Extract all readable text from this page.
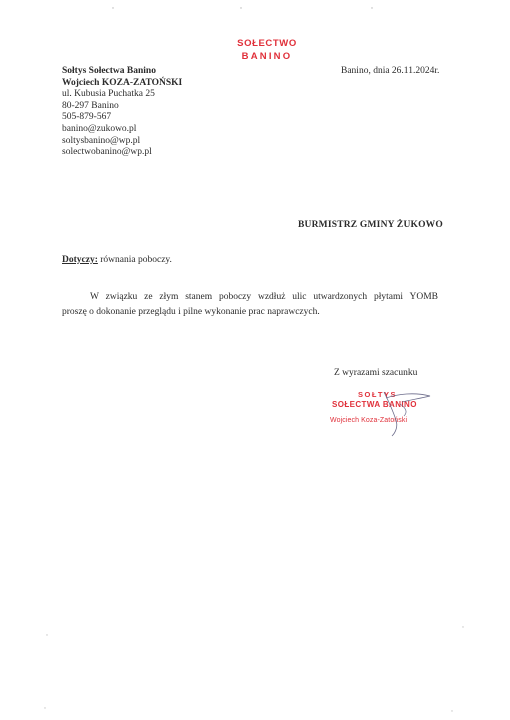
SOŁECTWO
BANINO
Sołtys Sołectwa Banino
Wojciech KOZA-ZATOŃSKI
ul. Kubusia Puchatka 25
80-297 Banino
505-879-567
banino@zukowo.pl
soltysbanino@wp.pl
solectwobanino@wp.pl
Banino, dnia 26.11.2024r.
BURMISTRZ GMINY ŻUKOWO
Dotyczy: równania poboczy.
W związku ze złym stanem poboczy wzdłuż ulic utwardzonych płytami YOMB
proszę o dokonanie przeglądu i pilne wykonanie prac naprawczych.
Z wyrazami szacunku
SOŁTYS
SOŁECTWA BANINO
Wojciech Koza-Zatoński
